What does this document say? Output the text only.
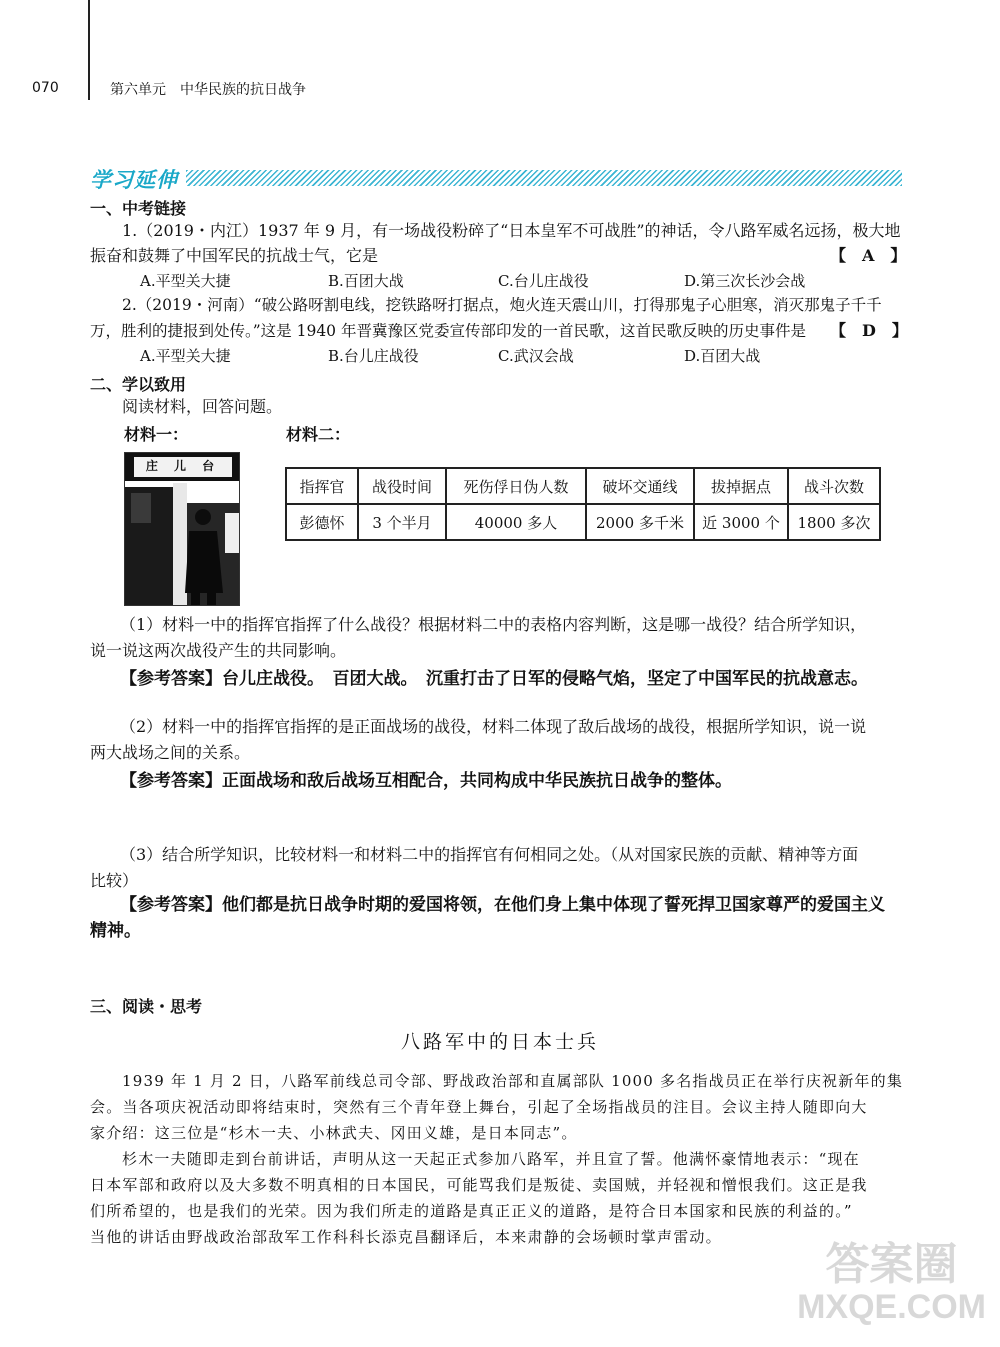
070	第六单元 中华民族的抗日战争
学习延伸
一、中考链接
1.（2019・内江）1937 年 9 月，有一场战役粉碎了“日本皇军不可战胜”的神话，令八路军威名远扬，极大地
振奋和鼓舞了中国军民的抗战士气，它是	【　A　】
A.平型关大捷	B.百团大战	C.台儿庄战役	D.第三次长沙会战
2.（2019・河南）“破公路呀割电线，挖铁路呀打据点，炮火连天震山川，打得那鬼子心胆寒，消灭那鬼子千千
万，胜利的捷报到处传。”这是 1940 年晋冀豫区党委宣传部印发的一首民歌，这首民歌反映的历史事件是 【　D　】
A.平型关大捷	B.台儿庄战役	C.武汉会战	D.百团大战
二、学以致用
阅读材料，回答问题。
材料一：	材料二：
庄 儿 台
指挥官	战役时间	死伤俘日伪人数	破坏交通线	拔掉据点	战斗次数
彭德怀	3 个半月	40000 多人	2000 多千米	近 3000 个	1800 多次
（1）材料一中的指挥官指挥了什么战役？根据材料二中的表格内容判断，这是哪一战役？结合所学知识，
说一说这两次战役产生的共同影响。
【参考答案】台儿庄战役。　百团大战。　沉重打击了日军的侵略气焰，坚定了中国军民的抗战意志。
（2）材料一中的指挥官指挥的是正面战场的战役，材料二体现了敌后战场的战役，根据所学知识，说一说
两大战场之间的关系。
【参考答案】正面战场和敌后战场互相配合，共同构成中华民族抗日战争的整体。
（3）结合所学知识，比较材料一和材料二中的指挥官有何相同之处。（从对国家民族的贡献、精神等方面
比较）
【参考答案】他们都是抗日战争时期的爱国将领，在他们身上集中体现了誓死捍卫国家尊严的爱国主义
精神。
三、阅读・思考
八路军中的日本士兵
1939 年 1 月 2 日，八路军前线总司令部、野战政治部和直属部队 1000 多名指战员正在举行庆祝新年的集
会。当各项庆祝活动即将结束时，突然有三个青年登上舞台，引起了全场指战员的注目。会议主持人随即向大
家介绍：这三位是“杉木一夫、小林武夫、冈田义雄，是日本同志”。
杉木一夫随即走到台前讲话，声明从这一天起正式参加八路军，并且宣了誓。他满怀豪情地表示：“现在
日本军部和政府以及大多数不明真相的日本国民，可能骂我们是叛徒、卖国贼，并轻视和憎恨我们。这正是我
们所希望的，也是我们的光荣。因为我们所走的道路是真正正义的道路，是符合日本国家和民族的利益的。”
当他的讲话由野战政治部敌军工作科科长添克昌翻译后，本来肃静的会场顿时掌声雷动。
答案圈
MXQE.COM
